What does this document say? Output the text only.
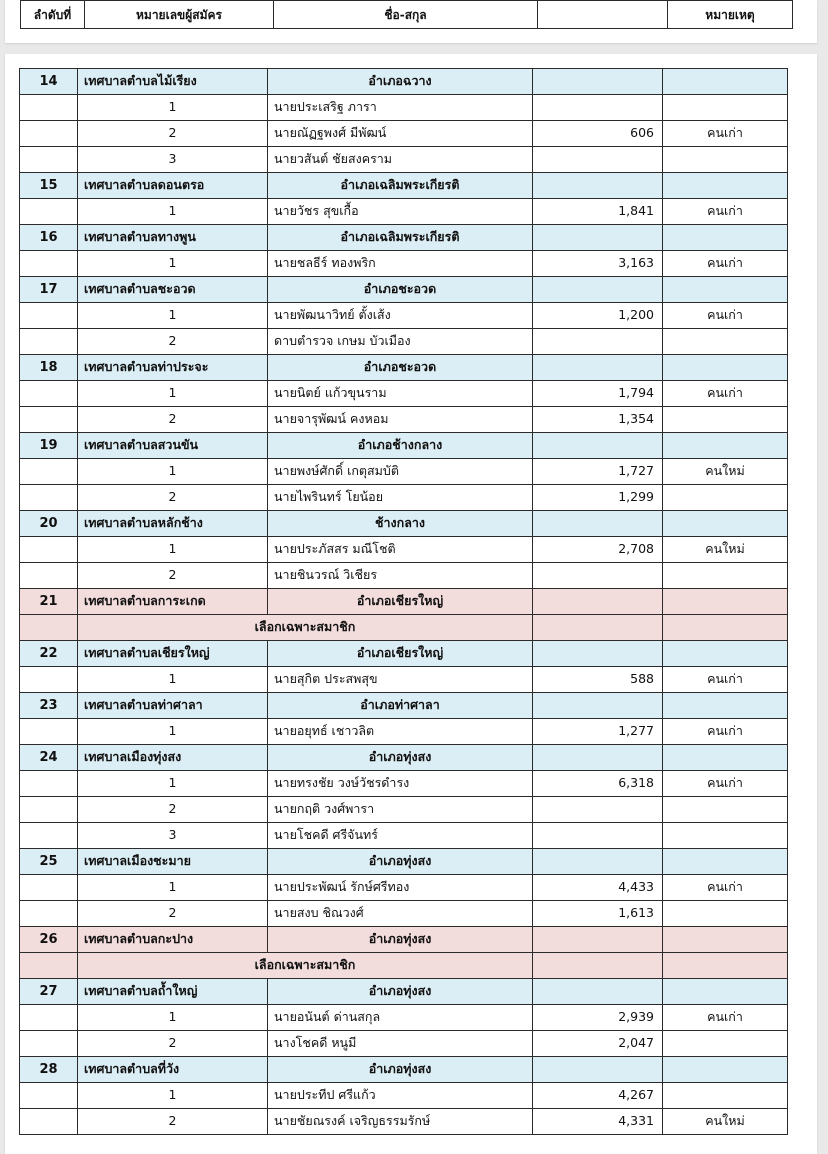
ลำดับที่	หมายเลขผู้สมัคร	ชื่อ-สกุล		หมายเหตุ
14	เทศบาลตำบลไม้เรียง	อำเภอฉวาง		
	1	นายประเสริฐ ภารา		
	2	นายณัฏฐพงศ์ มีพัฒน์	606	คนเก่า
	3	นายวสันต์ ชัยสงคราม		
15	เทศบาลตำบลดอนตรอ	อำเภอเฉลิมพระเกียรติ		
	1	นายวัชร สุขเกื้อ	1,841	คนเก่า
16	เทศบาลตำบลทางพูน	อำเภอเฉลิมพระเกียรติ		
	1	นายชลธีร์ ทองพริก	3,163	คนเก่า
17	เทศบาลตำบลชะอวด	อำเภอชะอวด		
	1	นายพัฒนาวิทย์ ตั้งเส้ง	1,200	คนเก่า
	2	ดาบตำรวจ เกษม บัวเมือง		
18	เทศบาลตำบลท่าประจะ	อำเภอชะอวด		
	1	นายนิตย์ แก้วขุนราม	1,794	คนเก่า
	2	นายจารุพัฒน์ คงหอม	1,354	
19	เทศบาลตำบลสวนขัน	อำเภอช้างกลาง		
	1	นายพงษ์ศักดิ์ เกตุสมบัติ	1,727	คนใหม่
	2	นายไพรินทร์ โยน้อย	1,299	
20	เทศบาลตำบลหลักช้าง	ช้างกลาง		
	1	นายประภัสสร มณีโชติ	2,708	คนใหม่
	2	นายชินวรณ์ วิเชียร		
21	เทศบาลตำบลการะเกด	อำเภอเชียรใหญ่		
	เลือกเฉพาะสมาชิก			
22	เทศบาลตำบลเชียรใหญ่	อำเภอเชียรใหญ่		
	1	นายสุกิต ประสพสุข	588	คนเก่า
23	เทศบาลตำบลท่าศาลา	อำเภอท่าศาลา		
	1	นายอยุทธ์ เชาวลิต	1,277	คนเก่า
24	เทศบาลเมืองทุ่งสง	อำเภอทุ่งสง		
	1	นายทรงชัย วงษ์วัชรดำรง	6,318	คนเก่า
	2	นายกฤติ วงศ์พารา		
	3	นายโชคดี ศรีจันทร์		
25	เทศบาลเมืองชะมาย	อำเภอทุ่งสง		
	1	นายประพัฒน์ รักษ์ศรีทอง	4,433	คนเก่า
	2	นายสงบ ชิณวงศ์	1,613	
26	เทศบาลตำบลกะปาง	อำเภอทุ่งสง		
	เลือกเฉพาะสมาชิก			
27	เทศบาลตำบลถ้ำใหญ่	อำเภอทุ่งสง		
	1	นายอนันต์ ด่านสกุล	2,939	คนเก่า
	2	นางโชคดี หนูมี	2,047	
28	เทศบาลตำบลที่วัง	อำเภอทุ่งสง		
	1	นายประทีป ศรีแก้ว	4,267	
	2	นายชัยณรงค์ เจริญธรรมรักษ์	4,331	คนใหม่
